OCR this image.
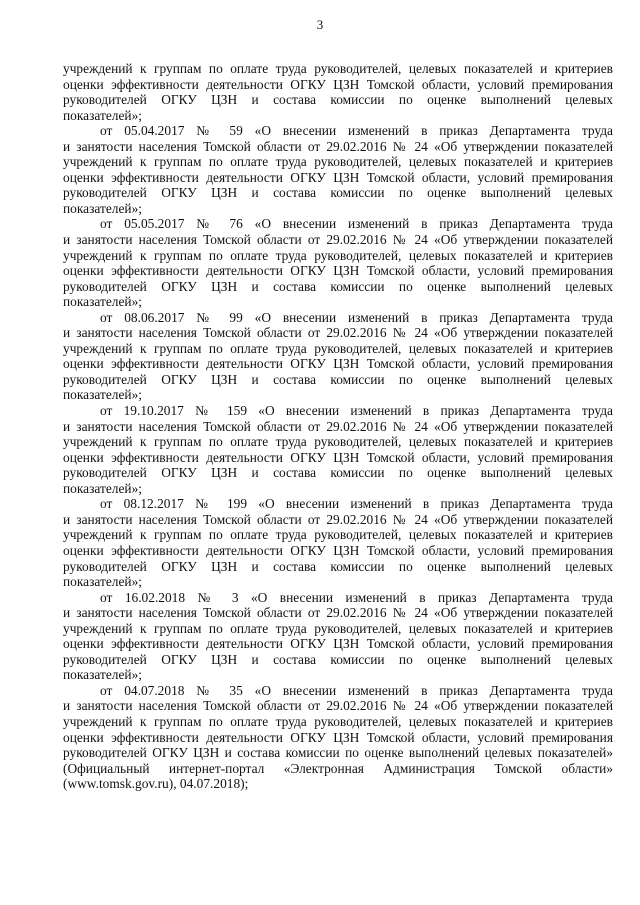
3
учреждений к группам по оплате труда руководителей, целевых показателей и критериев
оценки эффективности деятельности ОГКУ ЦЗН Томской области, условий премирования
руководителей ОГКУ ЦЗН и состава комиссии по оценке выполнений целевых
показателей»;
от 05.04.2017 № 59 «О внесении изменений в приказ Департамента труда
и занятости населения Томской области от 29.02.2016 № 24 «Об утверждении показателей
учреждений к группам по оплате труда руководителей, целевых показателей и критериев
оценки эффективности деятельности ОГКУ ЦЗН Томской области, условий премирования
руководителей ОГКУ ЦЗН и состава комиссии по оценке выполнений целевых
показателей»;
от 05.05.2017 № 76 «О внесении изменений в приказ Департамента труда
и занятости населения Томской области от 29.02.2016 № 24 «Об утверждении показателей
учреждений к группам по оплате труда руководителей, целевых показателей и критериев
оценки эффективности деятельности ОГКУ ЦЗН Томской области, условий премирования
руководителей ОГКУ ЦЗН и состава комиссии по оценке выполнений целевых
показателей»;
от 08.06.2017 № 99 «О внесении изменений в приказ Департамента труда
и занятости населения Томской области от 29.02.2016 № 24 «Об утверждении показателей
учреждений к группам по оплате труда руководителей, целевых показателей и критериев
оценки эффективности деятельности ОГКУ ЦЗН Томской области, условий премирования
руководителей ОГКУ ЦЗН и состава комиссии по оценке выполнений целевых
показателей»;
от 19.10.2017 № 159 «О внесении изменений в приказ Департамента труда
и занятости населения Томской области от 29.02.2016 № 24 «Об утверждении показателей
учреждений к группам по оплате труда руководителей, целевых показателей и критериев
оценки эффективности деятельности ОГКУ ЦЗН Томской области, условий премирования
руководителей ОГКУ ЦЗН и состава комиссии по оценке выполнений целевых
показателей»;
от 08.12.2017 № 199 «О внесении изменений в приказ Департамента труда
и занятости населения Томской области от 29.02.2016 № 24 «Об утверждении показателей
учреждений к группам по оплате труда руководителей, целевых показателей и критериев
оценки эффективности деятельности ОГКУ ЦЗН Томской области, условий премирования
руководителей ОГКУ ЦЗН и состава комиссии по оценке выполнений целевых
показателей»;
от 16.02.2018 № 3 «О внесении изменений в приказ Департамента труда
и занятости населения Томской области от 29.02.2016 № 24 «Об утверждении показателей
учреждений к группам по оплате труда руководителей, целевых показателей и критериев
оценки эффективности деятельности ОГКУ ЦЗН Томской области, условий премирования
руководителей ОГКУ ЦЗН и состава комиссии по оценке выполнений целевых
показателей»;
от 04.07.2018 № 35 «О внесении изменений в приказ Департамента труда
и занятости населения Томской области от 29.02.2016 № 24 «Об утверждении показателей
учреждений к группам по оплате труда руководителей, целевых показателей и критериев
оценки эффективности деятельности ОГКУ ЦЗН Томской области, условий премирования
руководителей ОГКУ ЦЗН и состава комиссии по оценке выполнений целевых показателей»
(Официальный интернет-портал «Электронная Администрация Томской области»
(www.tomsk.gov.ru), 04.07.2018);
